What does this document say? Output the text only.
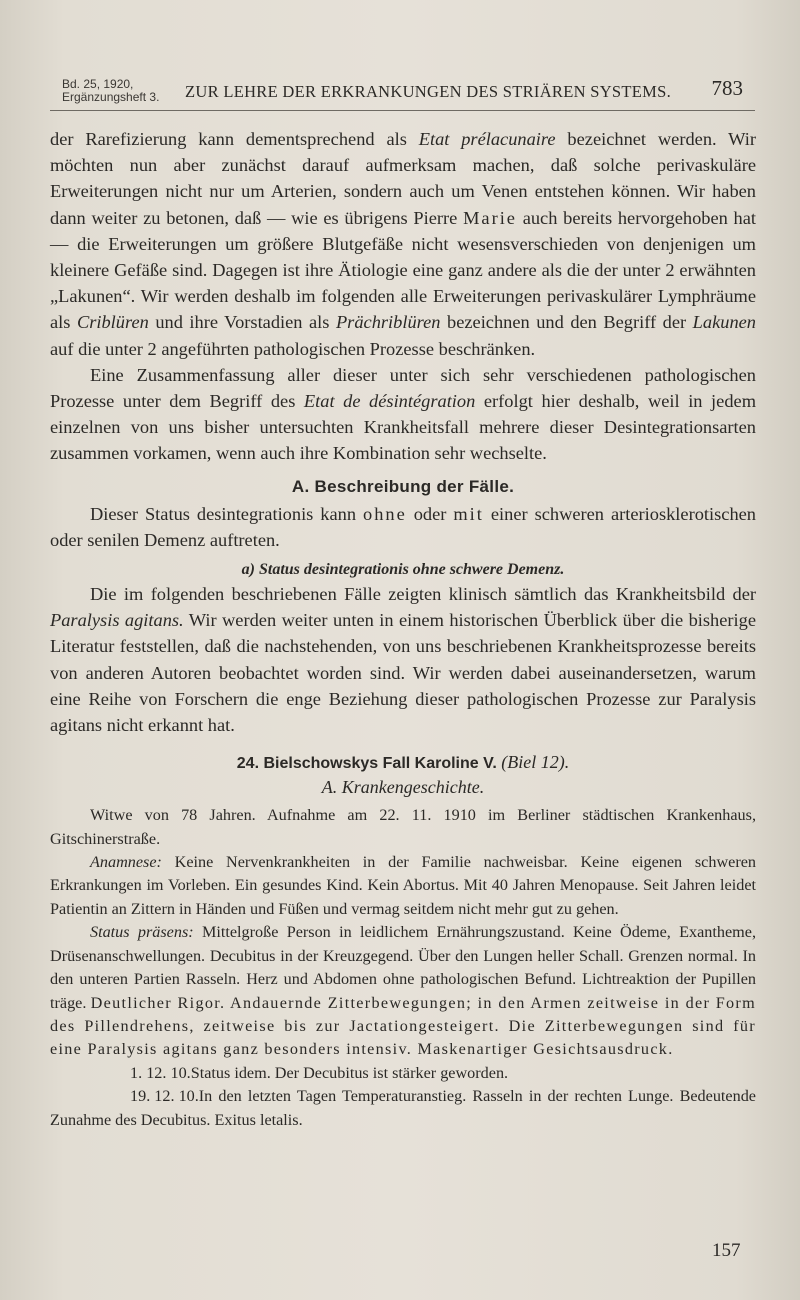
Bd. 25, 1920,
Ergänzungsheft 3. ZUR LEHRE DER ERKRANKUNGEN DES STRIÄREN SYSTEMS. 783

der Rarefizierung kann dementsprechend als Etat prélacunaire bezeichnet werden. Wir möchten nun aber zunächst darauf aufmerksam machen, daß solche perivaskuläre Erweiterungen nicht nur um Arterien, sondern auch um Venen entstehen können. Wir haben dann weiter zu betonen, daß — wie es übrigens Pierre Marie auch bereits hervorgehoben hat — die Erweiterungen um größere Blutgefäße nicht wesensverschieden von denjenigen um kleinere Gefäße sind. Dagegen ist ihre Ätiologie eine ganz andere als die der unter 2 erwähnten „Lakunen“. Wir werden deshalb im folgenden alle Erweiterungen perivaskulärer Lymphräume als Criblüren und ihre Vorstadien als Prächriblüren bezeichnen und den Begriff der Lakunen auf die unter 2 angeführten pathologischen Prozesse beschränken.

Eine Zusammenfassung aller dieser unter sich sehr verschiedenen pathologischen Prozesse unter dem Begriff des Etat de désintégration erfolgt hier deshalb, weil in jedem einzelnen von uns bisher untersuchten Krankheitsfall mehrere dieser Desintegrationsarten zusammen vorkamen, wenn auch ihre Kombination sehr wechselte.

A. Beschreibung der Fälle.

Dieser Status desintegrationis kann ohne oder mit einer schweren arteriosklerotischen oder senilen Demenz auftreten.

a) Status desintegrationis ohne schwere Demenz.

Die im folgenden beschriebenen Fälle zeigten klinisch sämtlich das Krankheitsbild der Paralysis agitans. Wir werden weiter unten in einem historischen Überblick über die bisherige Literatur feststellen, daß die nachstehenden, von uns beschriebenen Krankheitsprozesse bereits von anderen Autoren beobachtet worden sind. Wir werden dabei auseinandersetzen, warum eine Reihe von Forschern die enge Beziehung dieser pathologischen Prozesse zur Paralysis agitans nicht erkannt hat.

24. Bielschowskys Fall Karoline V. (Biel 12).
A. Krankengeschichte.

Witwe von 78 Jahren. Aufnahme am 22. 11. 1910 im Berliner städtischen Krankenhaus, Gitschinerstraße.

Anamnese: Keine Nervenkrankheiten in der Familie nachweisbar. Keine eigenen schweren Erkrankungen im Vorleben. Ein gesundes Kind. Kein Abortus. Mit 40 Jahren Menopause. Seit Jahren leidet Patientin an Zittern in Händen und Füßen und vermag seitdem nicht mehr gut zu gehen.

Status präsens: Mittelgroße Person in leidlichem Ernährungszustand. Keine Ödeme, Exantheme, Drüsenanschwellungen. Decubitus in der Kreuzgegend. Über den Lungen heller Schall. Grenzen normal. In den unteren Partien Rasseln. Herz und Abdomen ohne pathologischen Befund. Lichtreaktion der Pupillen träge. Deutlicher Rigor. Andauernde Zitterbewegungen; in den Armen zeitweise in der Form des Pillendrehens, zeitweise bis zur Jactationgesteigert. Die Zitterbewegungen sind für eine Paralysis agitans ganz besonders intensiv. Maskenartiger Gesichtsausdruck.

1. 12. 10.Status idem. Der Decubitus ist stärker geworden.

19. 12. 10.In den letzten Tagen Temperaturanstieg. Rasseln in der rechten Lunge. Bedeutende Zunahme des Decubitus. Exitus letalis.

157
